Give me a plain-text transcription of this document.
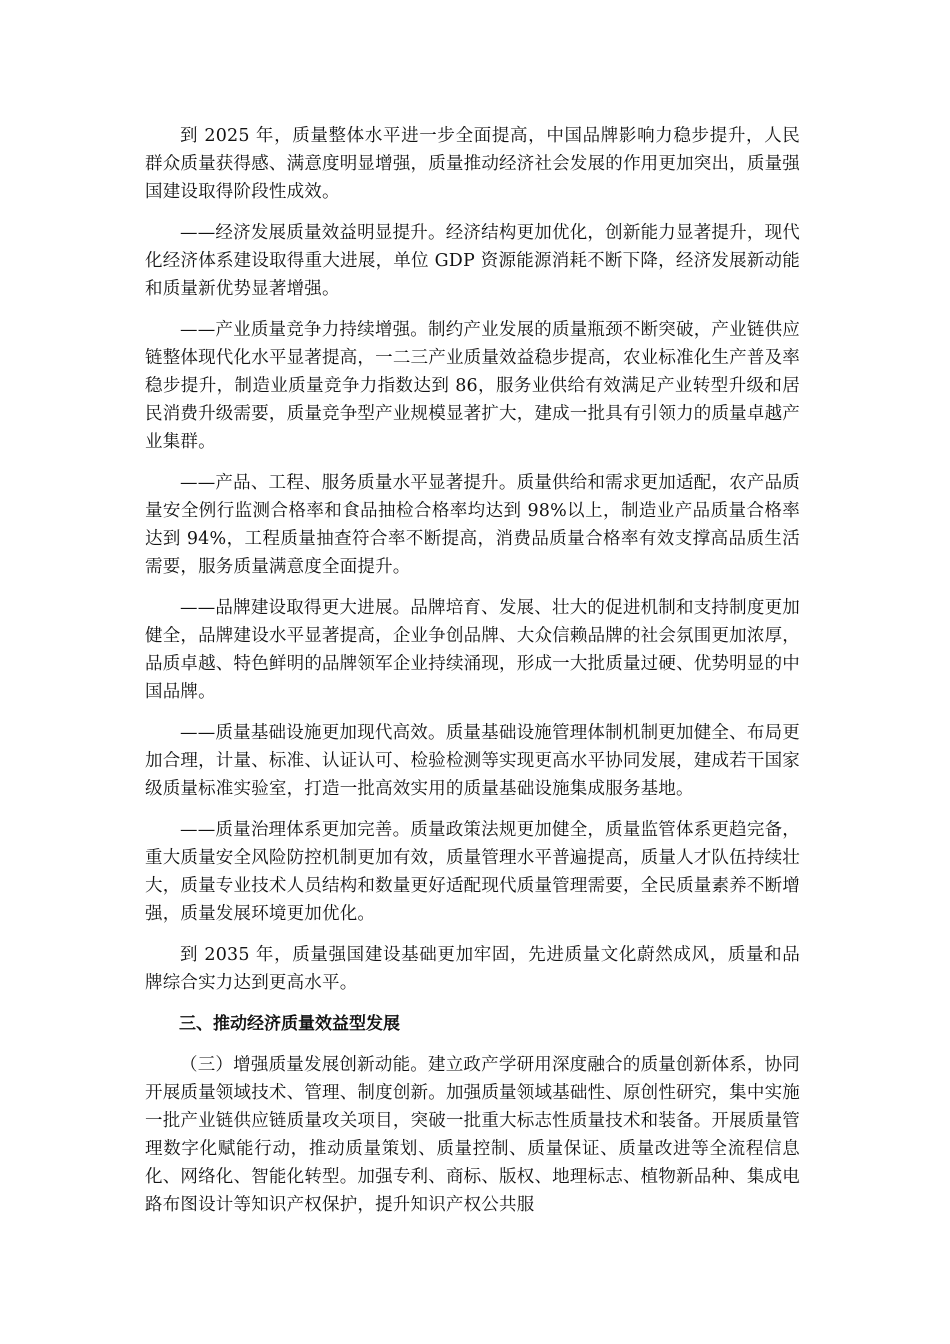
到 2025 年，质量整体水平进一步全面提高，中国品牌影响力稳步提升，人民群众质量获得感、满意度明显增强，质量推动经济社会发展的作用更加突出，质量强国建设取得阶段性成效。

——经济发展质量效益明显提升。经济结构更加优化，创新能力显著提升，现代化经济体系建设取得重大进展，单位 GDP 资源能源消耗不断下降，经济发展新动能和质量新优势显著增强。

——产业质量竞争力持续增强。制约产业发展的质量瓶颈不断突破，产业链供应链整体现代化水平显著提高，一二三产业质量效益稳步提高，农业标准化生产普及率稳步提升，制造业质量竞争力指数达到 86，服务业供给有效满足产业转型升级和居民消费升级需要，质量竞争型产业规模显著扩大，建成一批具有引领力的质量卓越产业集群。

——产品、工程、服务质量水平显著提升。质量供给和需求更加适配，农产品质量安全例行监测合格率和食品抽检合格率均达到 98%以上，制造业产品质量合格率达到 94%，工程质量抽查符合率不断提高，消费品质量合格率有效支撑高品质生活需要，服务质量满意度全面提升。

——品牌建设取得更大进展。品牌培育、发展、壮大的促进机制和支持制度更加健全，品牌建设水平显著提高，企业争创品牌、大众信赖品牌的社会氛围更加浓厚，品质卓越、特色鲜明的品牌领军企业持续涌现，形成一大批质量过硬、优势明显的中国品牌。

——质量基础设施更加现代高效。质量基础设施管理体制机制更加健全、布局更加合理，计量、标准、认证认可、检验检测等实现更高水平协同发展，建成若干国家级质量标准实验室，打造一批高效实用的质量基础设施集成服务基地。

——质量治理体系更加完善。质量政策法规更加健全，质量监管体系更趋完备，重大质量安全风险防控机制更加有效，质量管理水平普遍提高，质量人才队伍持续壮大，质量专业技术人员结构和数量更好适配现代质量管理需要，全民质量素养不断增强，质量发展环境更加优化。

到 2035 年，质量强国建设基础更加牢固，先进质量文化蔚然成风，质量和品牌综合实力达到更高水平。

三、推动经济质量效益型发展

（三）增强质量发展创新动能。建立政产学研用深度融合的质量创新体系，协同开展质量领域技术、管理、制度创新。加强质量领域基础性、原创性研究，集中实施一批产业链供应链质量攻关项目，突破一批重大标志性质量技术和装备。开展质量管理数字化赋能行动，推动质量策划、质量控制、质量保证、质量改进等全流程信息化、网络化、智能化转型。加强专利、商标、版权、地理标志、植物新品种、集成电路布图设计等知识产权保护，提升知识产权公共服
